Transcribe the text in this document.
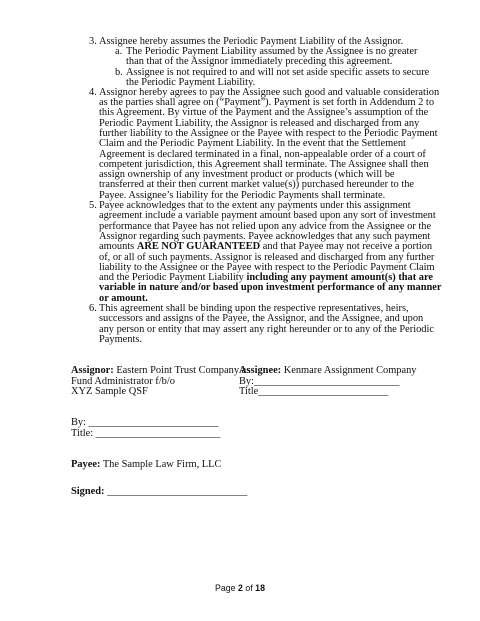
3. Assignee hereby assumes the Periodic Payment Liability of the Assignor.
a. The Periodic Payment Liability assumed by the Assignee is no greater
than that of the Assignor immediately preceding this agreement.
b. Assignee is not required to and will not set aside specific assets to secure
the Periodic Payment Liability.
4. Assignor hereby agrees to pay the Assignee such good and valuable consideration
as the parties shall agree on (“Payment”). Payment is set forth in Addendum 2 to
this Agreement. By virtue of the Payment and the Assignee’s assumption of the
Periodic Payment Liability, the Assignor is released and discharged from any
further liability to the Assignee or the Payee with respect to the Periodic Payment
Claim and the Periodic Payment Liability. In the event that the Settlement
Agreement is declared terminated in a final, non-appealable order of a court of
competent jurisdiction, this Agreement shall terminate. The Assignee shall then
assign ownership of any investment product or products (which will be
transferred at their then current market value(s)) purchased hereunder to the
Payee. Assignee’s liability for the Periodic Payments shall terminate.
5. Payee acknowledges that to the extent any payments under this assignment
agreement include a variable payment amount based upon any sort of investment
performance that Payee has not relied upon any advice from the Assignee or the
Assignor regarding such payments. Payee acknowledges that any such payment
amounts ARE NOT GUARANTEED and that Payee may not receive a portion
of, or all of such payments. Assignor is released and discharged from any further
liability to the Assignee or the Payee with respect to the Periodic Payment Claim
and the Periodic Payment Liability including any payment amount(s) that are
variable in nature and/or based upon investment performance of any manner
or amount.
6. This agreement shall be binding upon the respective representatives, heirs,
successors and assigns of the Payee, the Assignor, and the Assignee, and upon
any person or entity that may assert any right hereunder or to any of the Periodic
Payments.
Assignor: Eastern Point Trust Company as
Fund Administrator f/b/o
XYZ Sample QSF
Assignee: Kenmare Assignment Company
By:____________________________
Title_________________________
By: _________________________
Title: ________________________
Payee: The Sample Law Firm, LLC
Signed: ___________________________
Page 2 of 18
